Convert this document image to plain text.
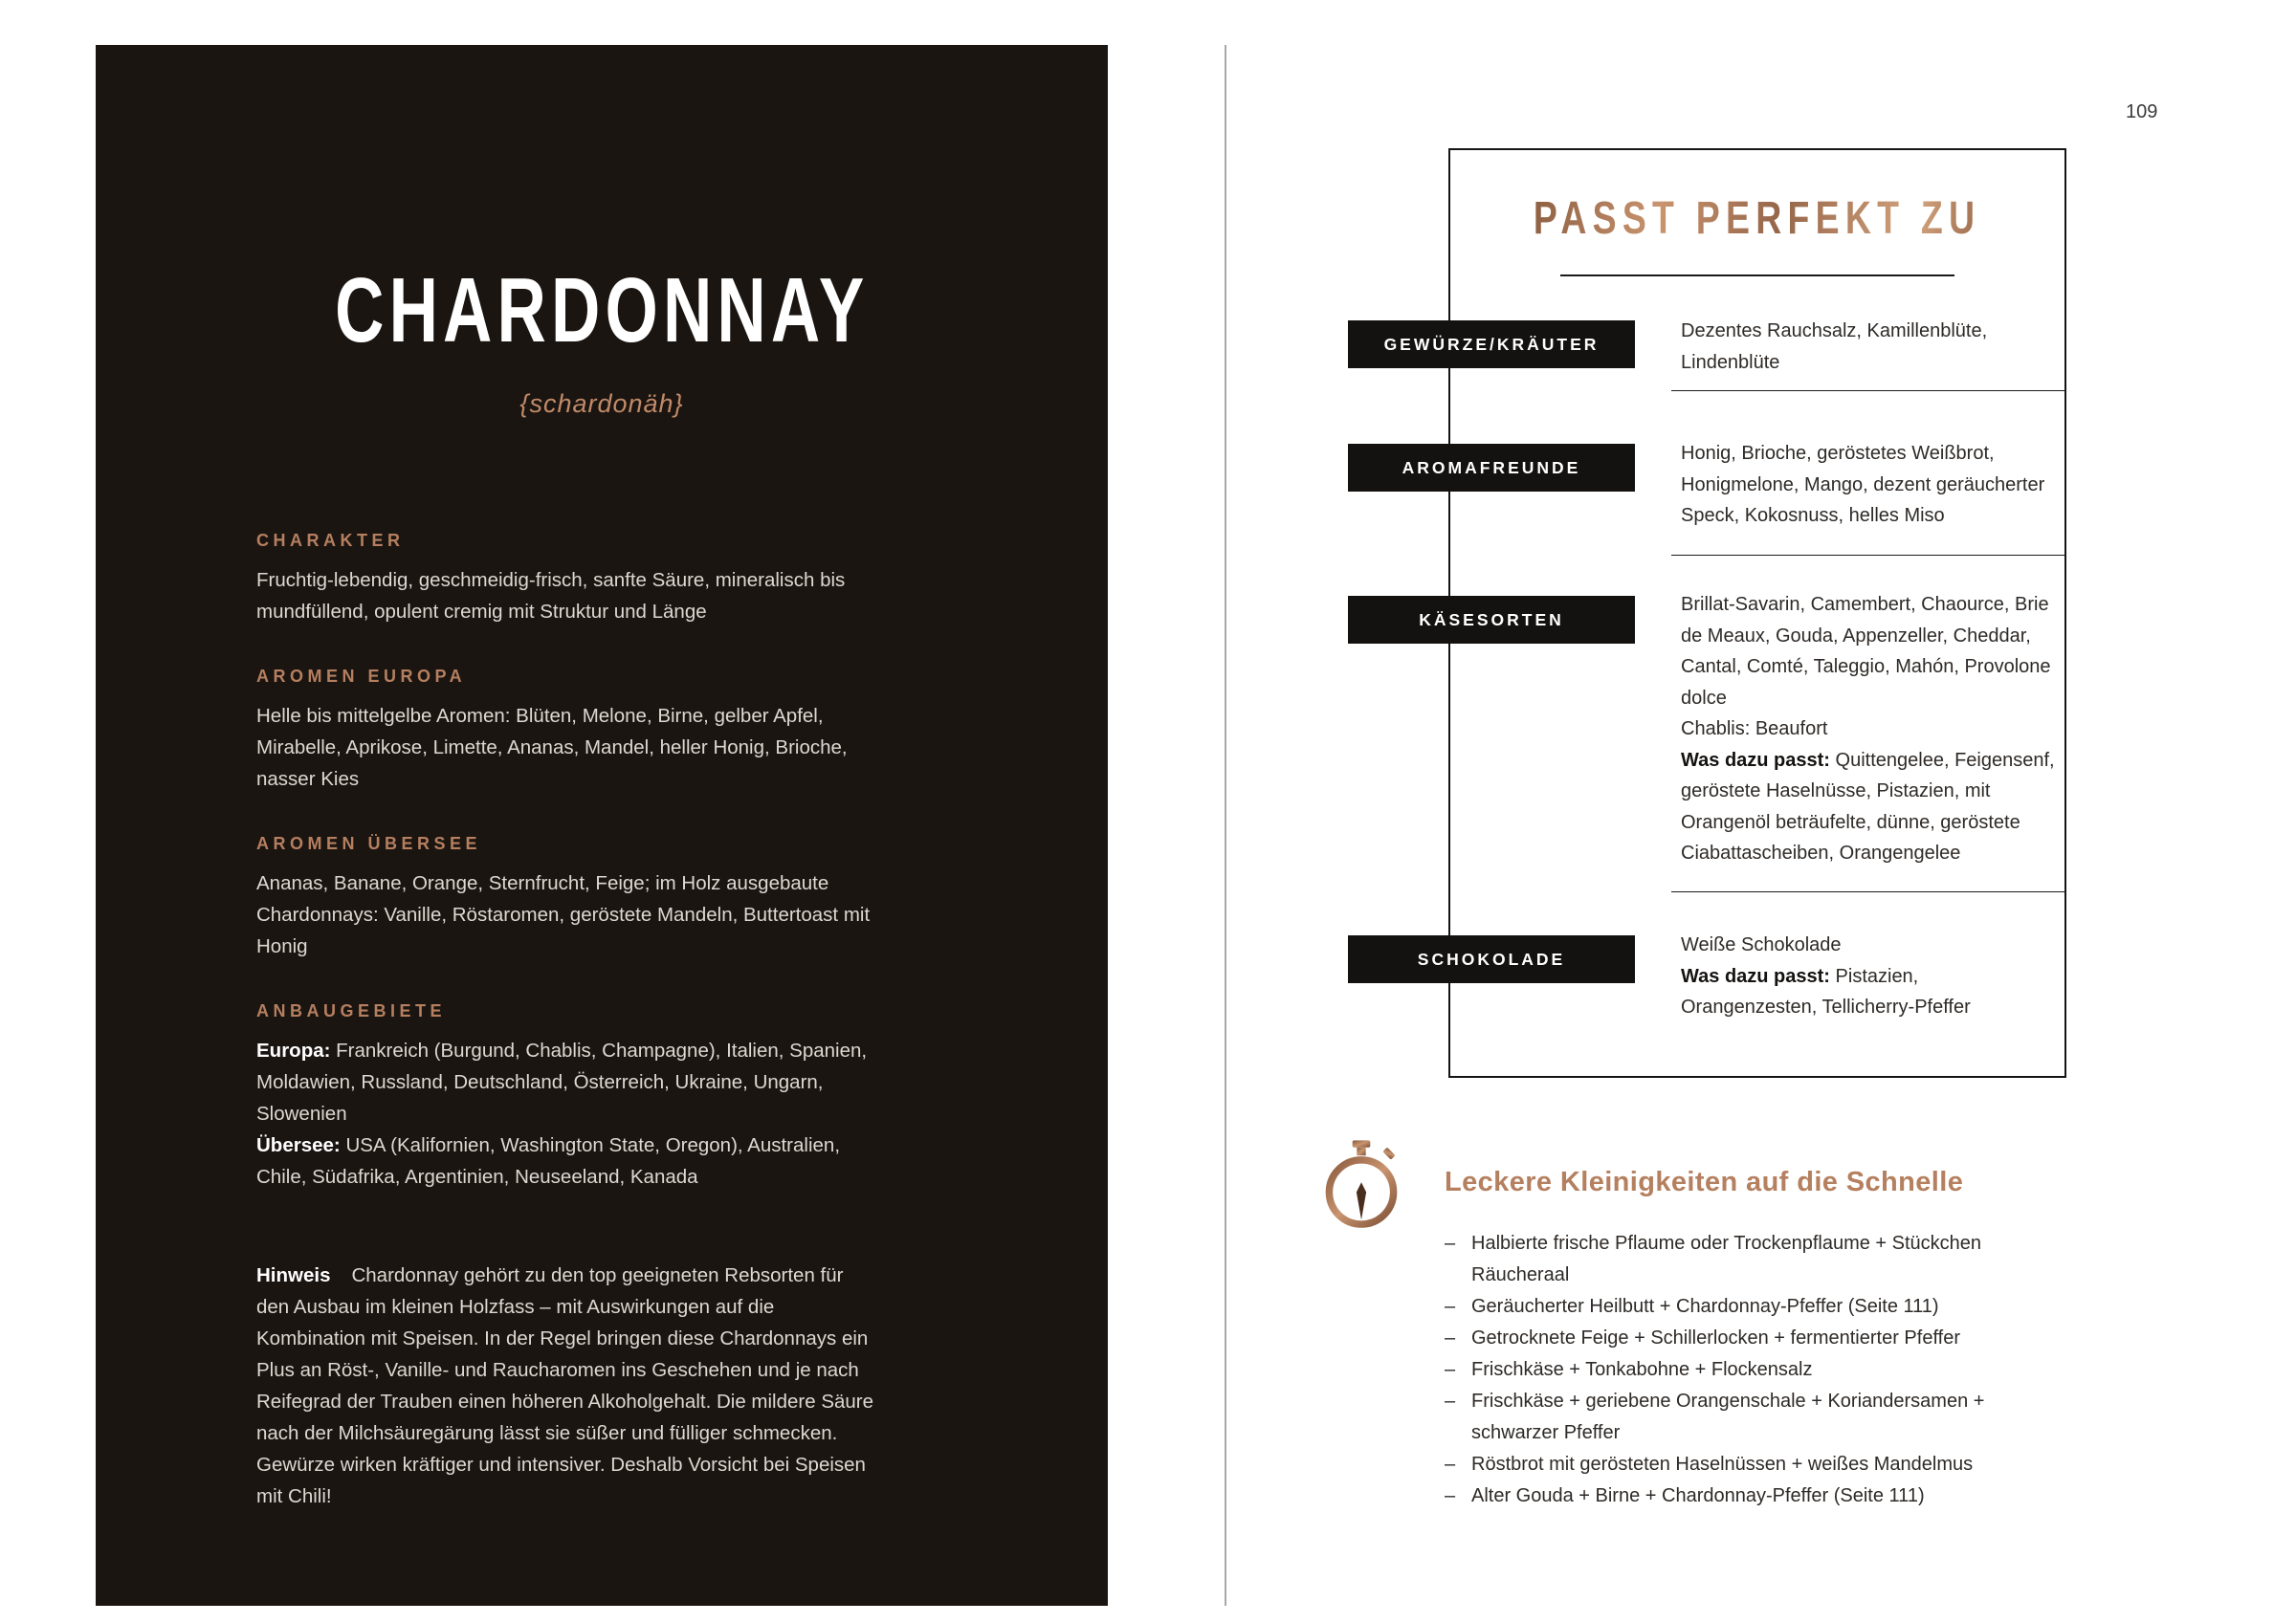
CHARDONNAY
{schardonäh}
CHARAKTER
Fruchtig-lebendig, geschmeidig-frisch, sanfte Säure, mineralisch bis mundfüllend, opulent cremig mit Struktur und Länge
AROMEN EUROPA
Helle bis mittelgelbe Aromen: Blüten, Melone, Birne, gelber Apfel, Mirabelle, Aprikose, Limette, Ananas, Mandel, heller Honig, Brioche, nasser Kies
AROMEN ÜBERSEE
Ananas, Banane, Orange, Sternfrucht, Feige; im Holz ausgebaute Chardonnays: Vanille, Röstaromen, geröstete Mandeln, Buttertoast mit Honig
ANBAUGEBIETE
Europa: Frankreich (Burgund, Chablis, Champagne), Italien, Spanien, Moldawien, Russland, Deutschland, Österreich, Ukraine, Ungarn, Slowenien
Übersee: USA (Kalifornien, Washington State, Oregon), Australien, Chile, Südafrika, Argentinien, Neuseeland, Kanada
Hinweis Chardonnay gehört zu den top geeigneten Rebsorten für den Ausbau im kleinen Holzfass – mit Auswirkungen auf die Kombination mit Speisen. In der Regel bringen diese Chardonnays ein Plus an Röst-, Vanille- und Raucharomen ins Geschehen und je nach Reifegrad der Trauben einen höheren Alkoholgehalt. Die mildere Säure nach der Milchsäuregärung lässt sie süßer und fülliger schmecken. Gewürze wirken kräftiger und intensiver. Deshalb Vorsicht bei Speisen mit Chili!
109
PASST PERFEKT ZU
GEWÜRZE/KRÄUTER
Dezentes Rauchsalz, Kamillenblüte, Lindenblüte
AROMAFREUNDE
Honig, Brioche, geröstetes Weißbrot, Honigmelone, Mango, dezent geräucherter Speck, Kokosnuss, helles Miso
KÄSESORTEN
Brillat-Savarin, Camembert, Chaource, Brie de Meaux, Gouda, Appenzeller, Cheddar, Cantal, Comté, Taleggio, Mahón, Provolone dolce
Chablis: Beaufort
Was dazu passt: Quittengelee, Feigensenf, geröstete Haselnüsse, Pistazien, mit Orangenöl beträufelte, dünne, geröstete Ciabattascheiben, Orangengelee
SCHOKOLADE
Weiße Schokolade
Was dazu passt: Pistazien, Orangenzesten, Tellicherry-Pfeffer
Leckere Kleinigkeiten auf die Schnelle
– Halbierte frische Pflaume oder Trockenpflaume + Stückchen Räucheraal
– Geräucherter Heilbutt + Chardonnay-Pfeffer (Seite 111)
– Getrocknete Feige + Schillerlocken + fermentierter Pfeffer
– Frischkäse + Tonkabohne + Flockensalz
– Frischkäse + geriebene Orangenschale + Koriandersamen + schwarzer Pfeffer
– Röstbrot mit gerösteten Haselnüssen + weißes Mandelmus
– Alter Gouda + Birne + Chardonnay-Pfeffer (Seite 111)
